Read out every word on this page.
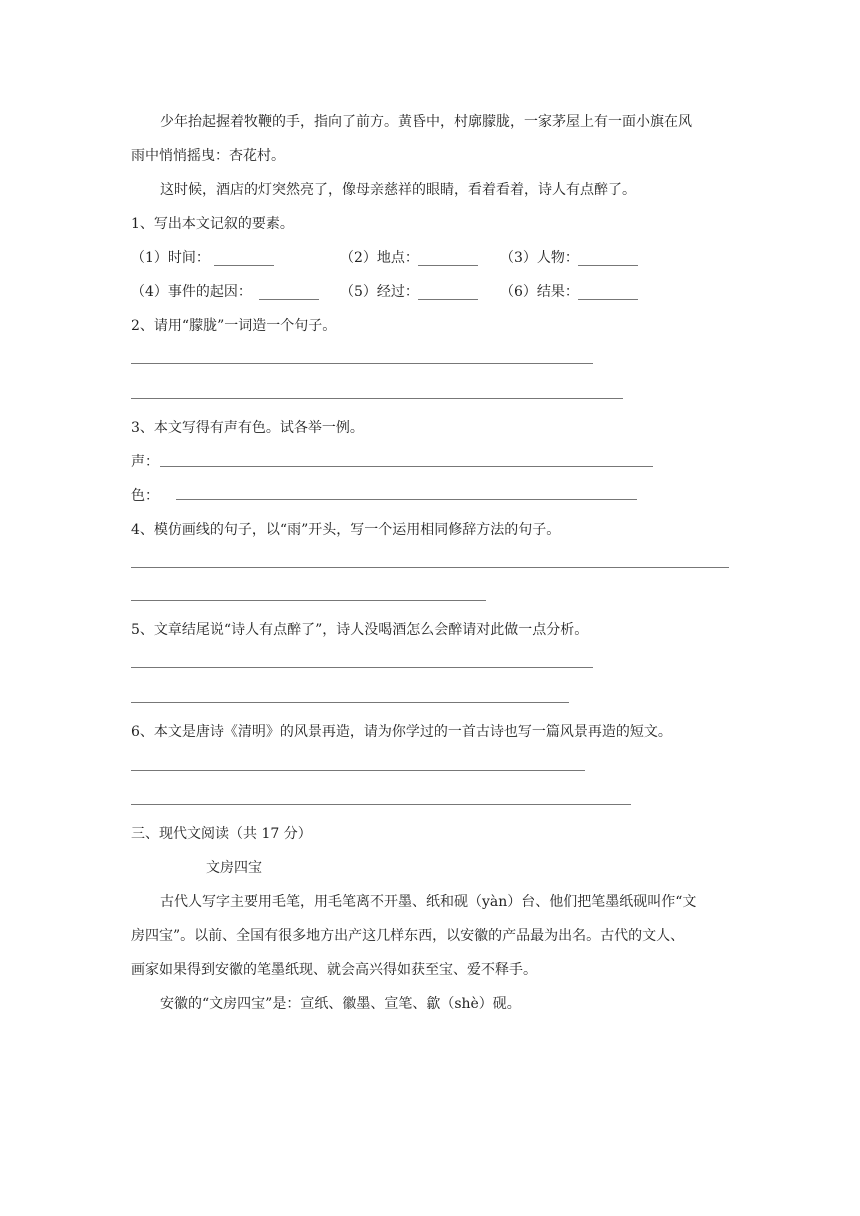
少年抬起握着牧鞭的手，指向了前方。黄昏中，村廓朦胧，一家茅屋上有一面小旗在风
雨中悄悄摇曳：杏花村。
这时候，酒店的灯突然亮了，像母亲慈祥的眼睛，看着看着，诗人有点醉了。
1、写出本文记叙的要素。
（1）时间：	（2）地点：	（3）人物：
（4）事件的起因：	（5）经过：	（6）结果：
2、请用“朦胧”一词造一个句子。
3、本文写得有声有色。试各举一例。
声：
色：
4、模仿画线的句子，以“雨”开头，写一个运用相同修辞方法的句子。
5、文章结尾说“诗人有点醉了”，诗人没喝酒怎么会醉请对此做一点分析。
6、本文是唐诗《清明》的风景再造，请为你学过的一首古诗也写一篇风景再造的短文。
三、现代文阅读（共 17 分）
文房四宝
古代人写字主要用毛笔，用毛笔离不开墨、纸和砚（yàn）台、他们把笔墨纸砚叫作“文
房四宝”。以前、全国有很多地方出产这几样东西，以安徽的产品最为出名。古代的文人、
画家如果得到安徽的笔墨纸现、就会高兴得如获至宝、爱不释手。
安徽的“文房四宝”是：宣纸、徽墨、宣笔、歙（shè）砚。
